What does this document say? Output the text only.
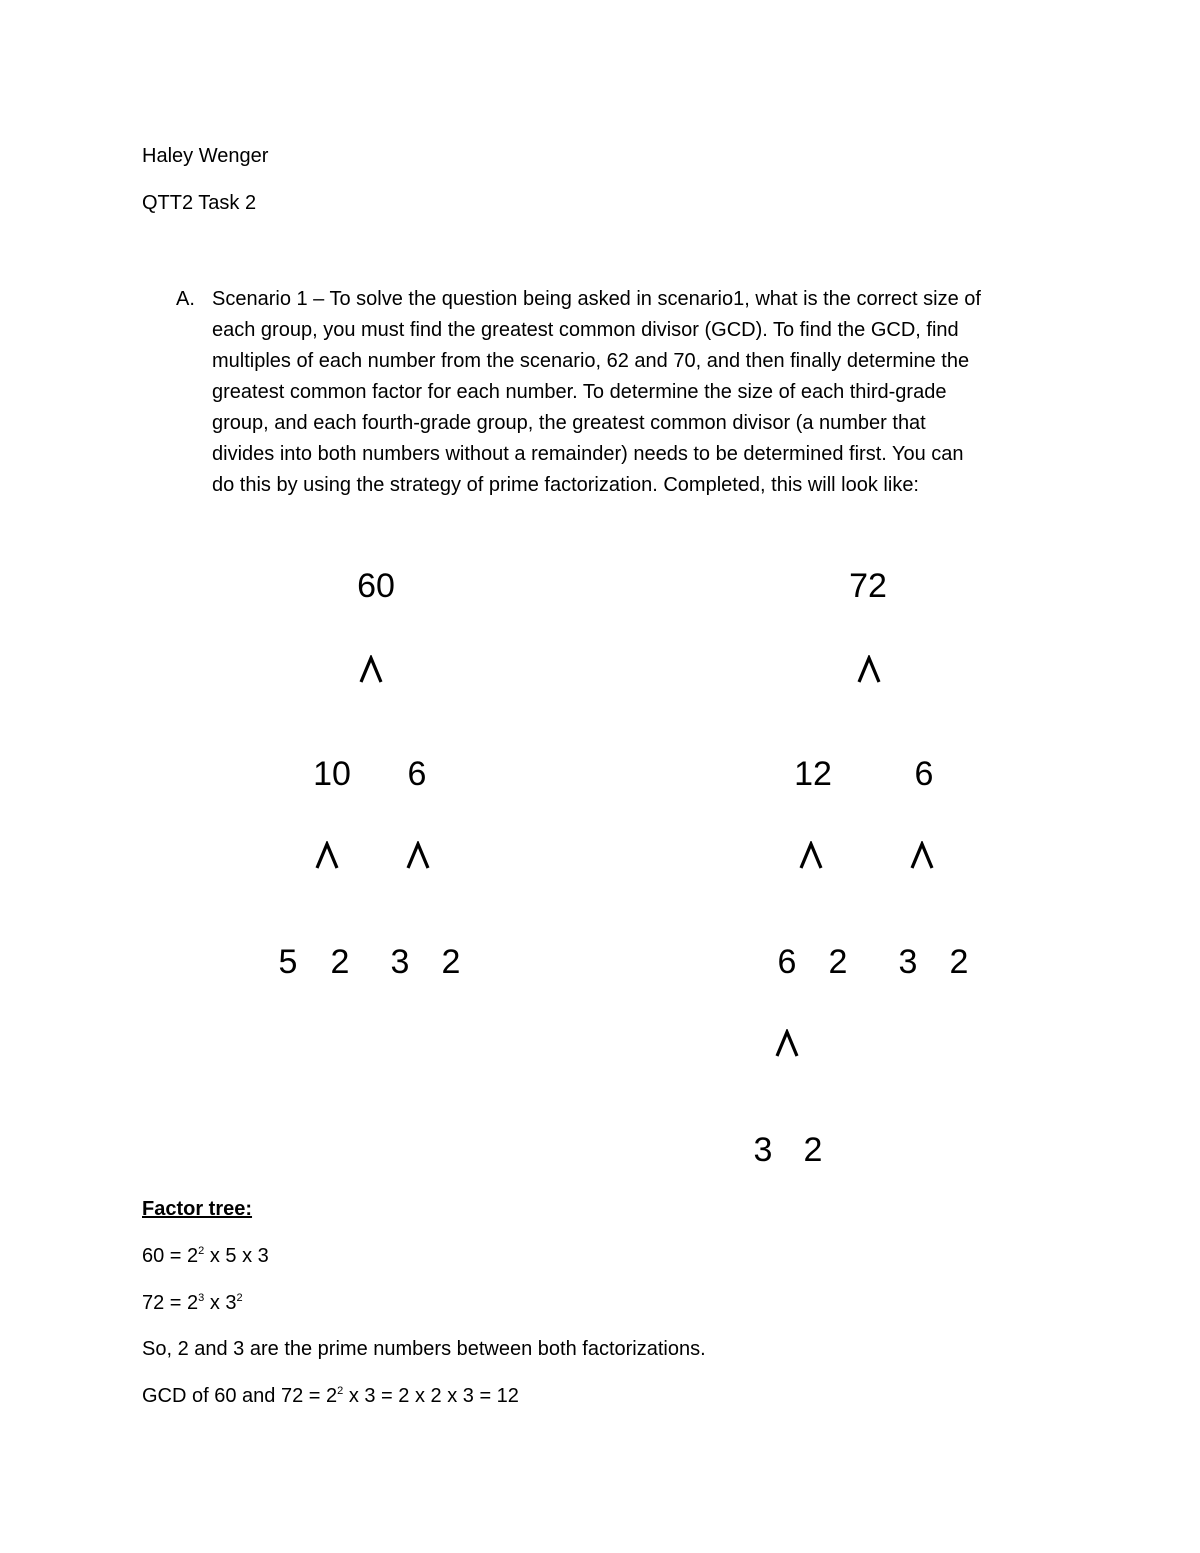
Haley Wenger
QTT2 Task 2
A. Scenario 1 – To solve the question being asked in scenario1, what is the correct size of
each group, you must find the greatest common divisor (GCD). To find the GCD, find
multiples of each number from the scenario, 62 and 70, and then finally determine the
greatest common factor for each number. To determine the size of each third-grade
group, and each fourth-grade group, the greatest common divisor (a number that
divides into both numbers without a remainder) needs to be determined first. You can
do this by using the strategy of prime factorization. Completed, this will look like:
60
10 6
5 2 3 2
72
12 6
6 2 3 2
3 2
Factor tree:
$60 = 2^2$ x 5 x 3
$72 = 2^3$ x $3^2$
So, 2 and 3 are the prime numbers between both factorizations.
GCD of 60 and $72 = 2^2$ x 3 = 2 x 2 x 3 = 12
